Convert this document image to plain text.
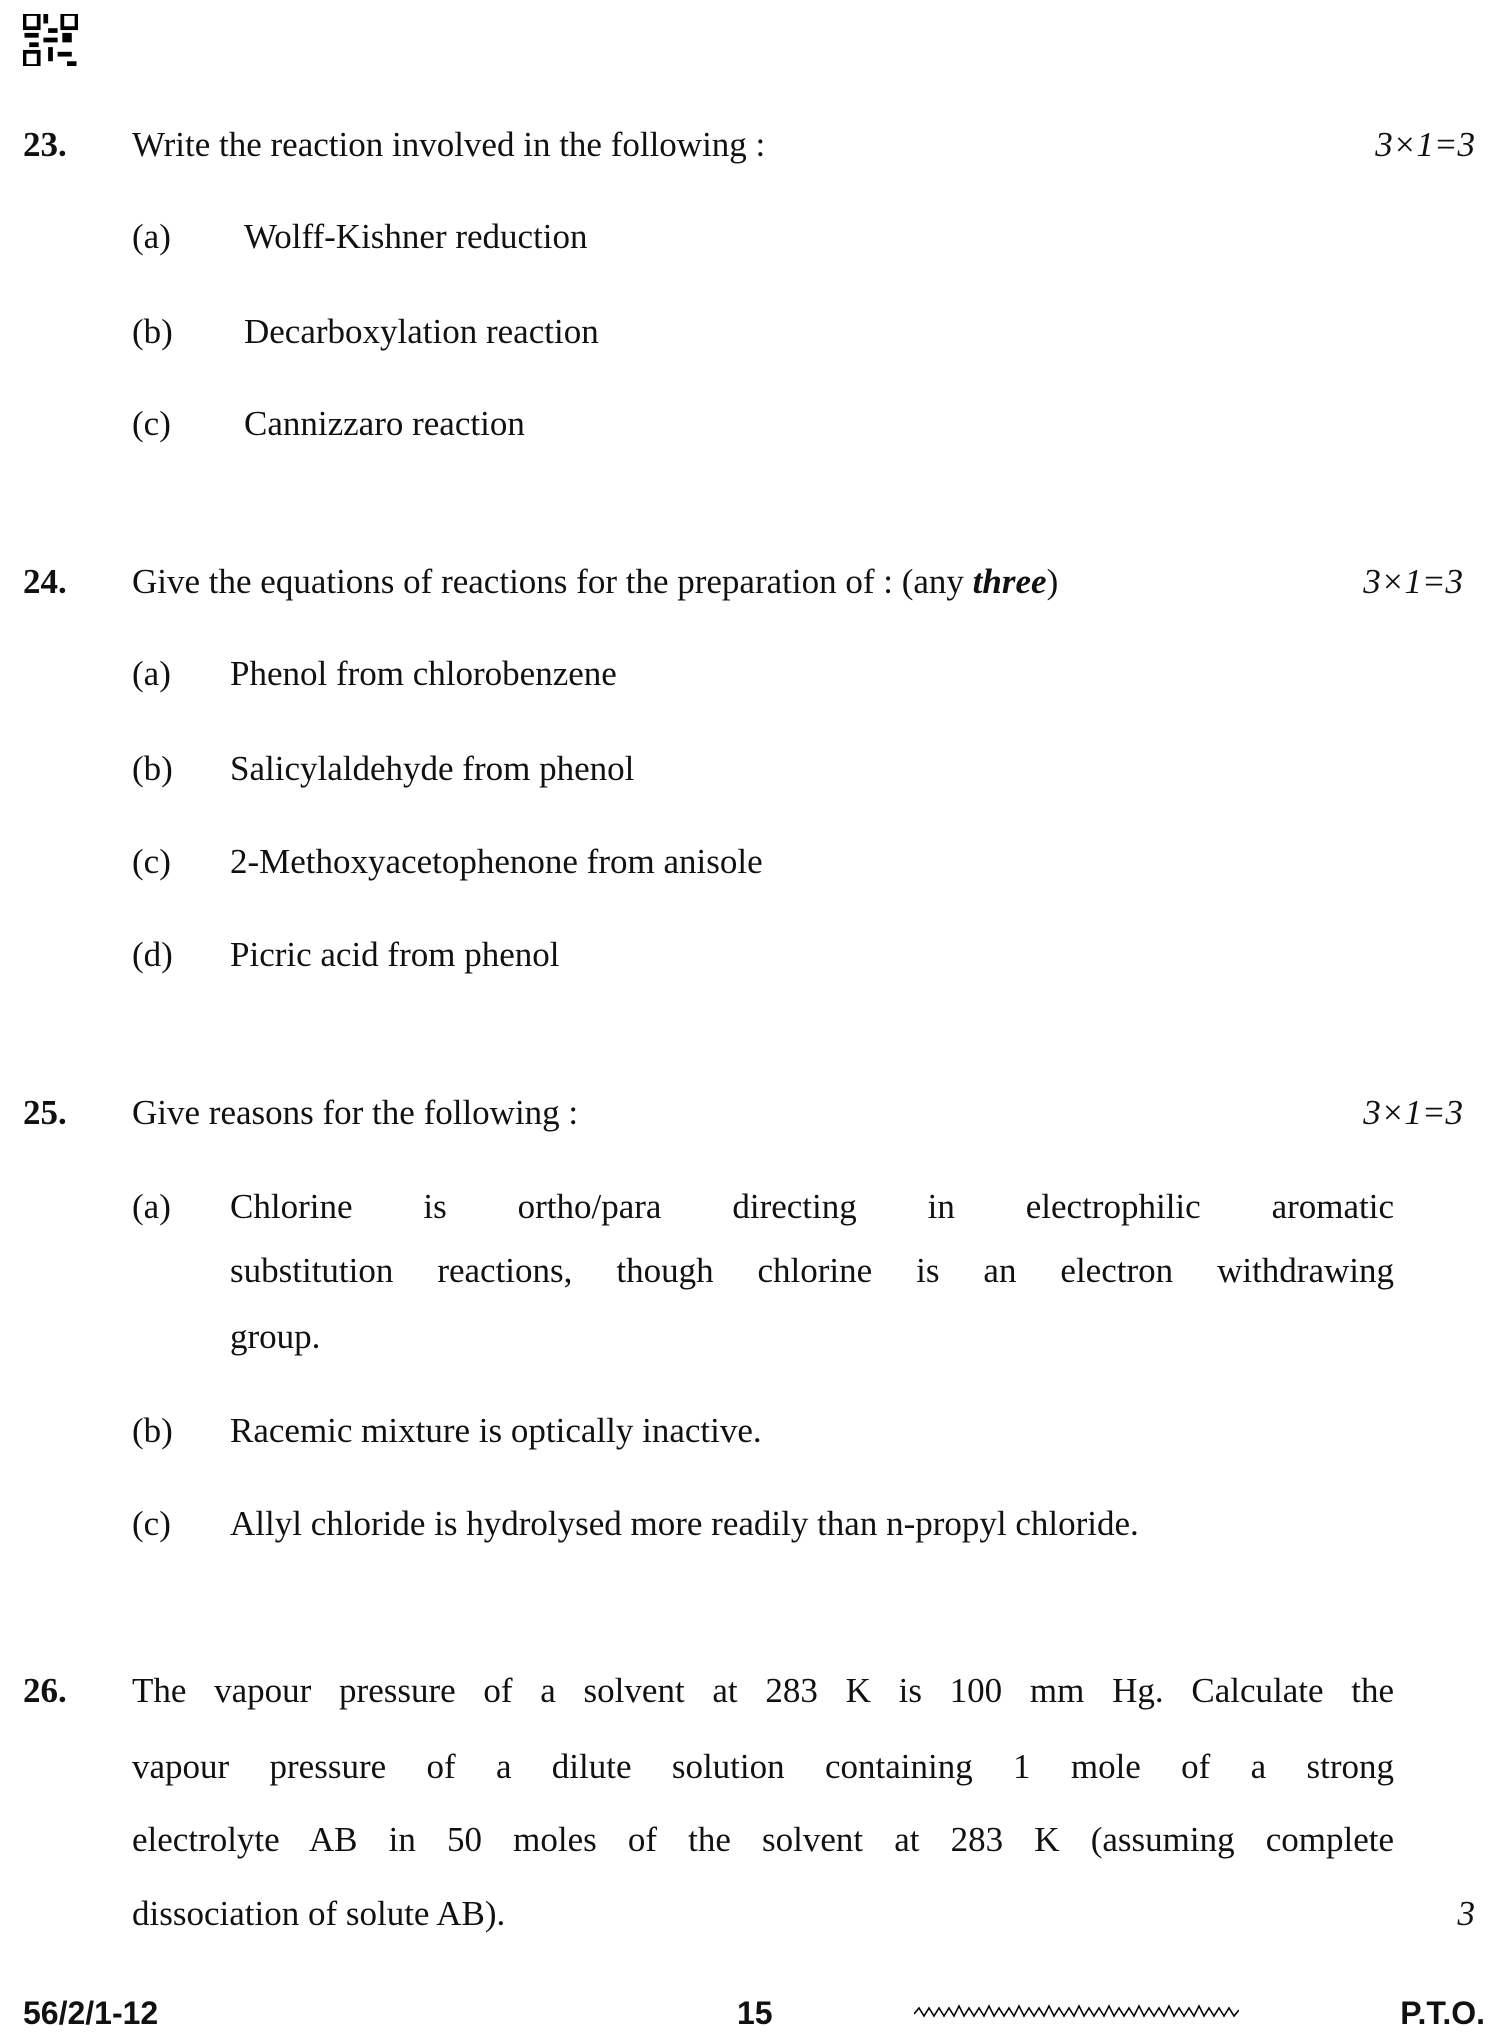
23. Write the reaction involved in the following :	3×1=3
(a) Wolff-Kishner reduction
(b) Decarboxylation reaction
(c) Cannizzaro reaction
24. Give the equations of reactions for the preparation of : (any three)	3×1=3
(a) Phenol from chlorobenzene
(b) Salicylaldehyde from phenol
(c) 2-Methoxyacetophenone from anisole
(d) Picric acid from phenol
25. Give reasons for the following :	3×1=3
(a) Chlorine is ortho/para directing in electrophilic aromatic
substitution reactions, though chlorine is an electron withdrawing
group.
(b) Racemic mixture is optically inactive.
(c) Allyl chloride is hydrolysed more readily than n-propyl chloride.
26. The vapour pressure of a solvent at 283 K is 100 mm Hg. Calculate the
vapour pressure of a dilute solution containing 1 mole of a strong
electrolyte AB in 50 moles of the solvent at 283 K (assuming complete
dissociation of solute AB).	3
56/2/1-12	15	P.T.O.
